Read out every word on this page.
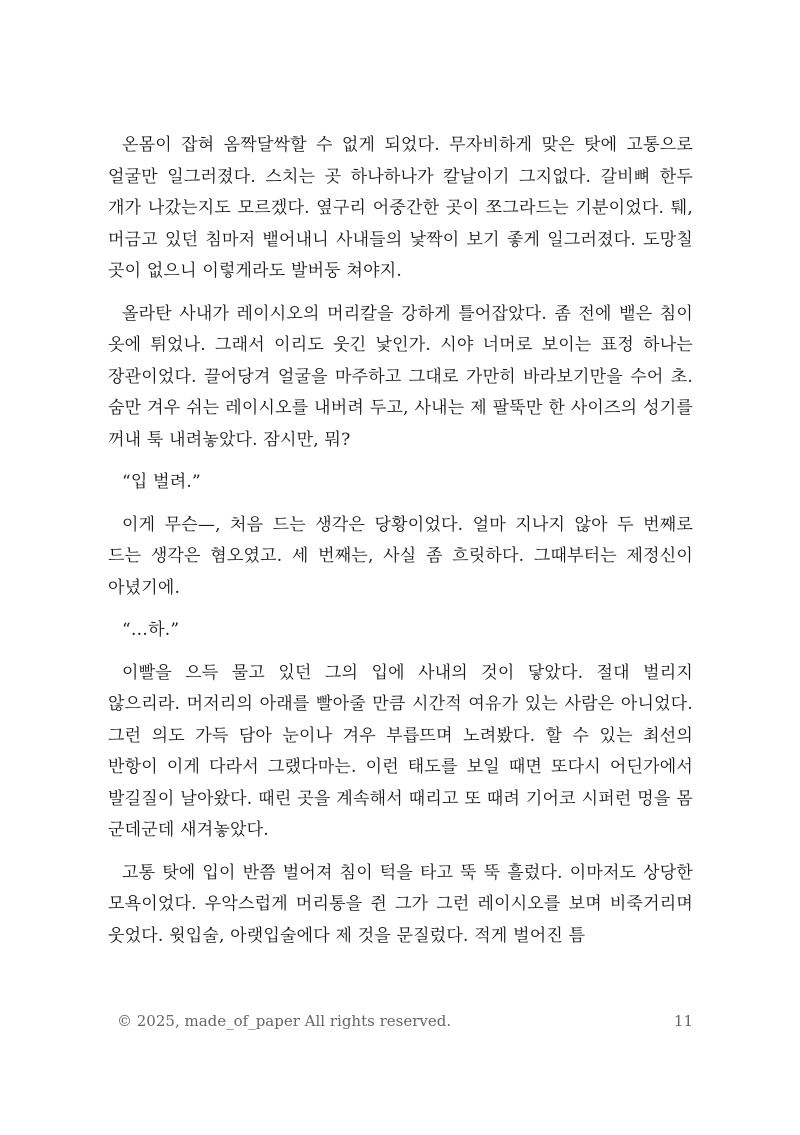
온몸이 잡혀 옴짝달싹할 수 없게 되었다. 무자비하게 맞은 탓에 고통으로 얼굴만 일그러졌다. 스치는 곳 하나하나가 칼날이기 그지없다. 갈비뼈 한두 개가 나갔는지도 모르겠다. 옆구리 어중간한 곳이 쪼그라드는 기분이었다. 퉤, 머금고 있던 침마저 뱉어내니 사내들의 낯짝이 보기 좋게 일그러졌다. 도망칠 곳이 없으니 이렇게라도 발버둥 쳐야지.

올라탄 사내가 레이시오의 머리칼을 강하게 틀어잡았다. 좀 전에 뱉은 침이 옷에 튀었나. 그래서 이리도 웃긴 낯인가. 시야 너머로 보이는 표정 하나는 장관이었다. 끌어당겨 얼굴을 마주하고 그대로 가만히 바라보기만을 수어 초. 숨만 겨우 쉬는 레이시오를 내버려 두고, 사내는 제 팔뚝만 한 사이즈의 성기를 꺼내 툭 내려놓았다. 잠시만, 뭐?

“입 벌려.”

이게 무슨—, 처음 드는 생각은 당황이었다. 얼마 지나지 않아 두 번째로 드는 생각은 혐오였고. 세 번째는, 사실 좀 흐릿하다. 그때부터는 제정신이 아녔기에.

“…하.”

이빨을 으득 물고 있던 그의 입에 사내의 것이 닿았다. 절대 벌리지 않으리라. 머저리의 아래를 빨아줄 만큼 시간적 여유가 있는 사람은 아니었다. 그런 의도 가득 담아 눈이나 겨우 부릅뜨며 노려봤다. 할 수 있는 최선의 반항이 이게 다라서 그랬다마는. 이런 태도를 보일 때면 또다시 어딘가에서 발길질이 날아왔다. 때린 곳을 계속해서 때리고 또 때려 기어코 시퍼런 멍을 몸 군데군데 새겨놓았다.

고통 탓에 입이 반쯤 벌어져 침이 턱을 타고 뚝 뚝 흘렀다. 이마저도 상당한 모욕이었다. 우악스럽게 머리통을 쥔 그가 그런 레이시오를 보며 비죽거리며 웃었다. 윗입술, 아랫입술에다 제 것을 문질렀다. 적게 벌어진 틈

© 2025, made_of_paper All rights reserved.	11
